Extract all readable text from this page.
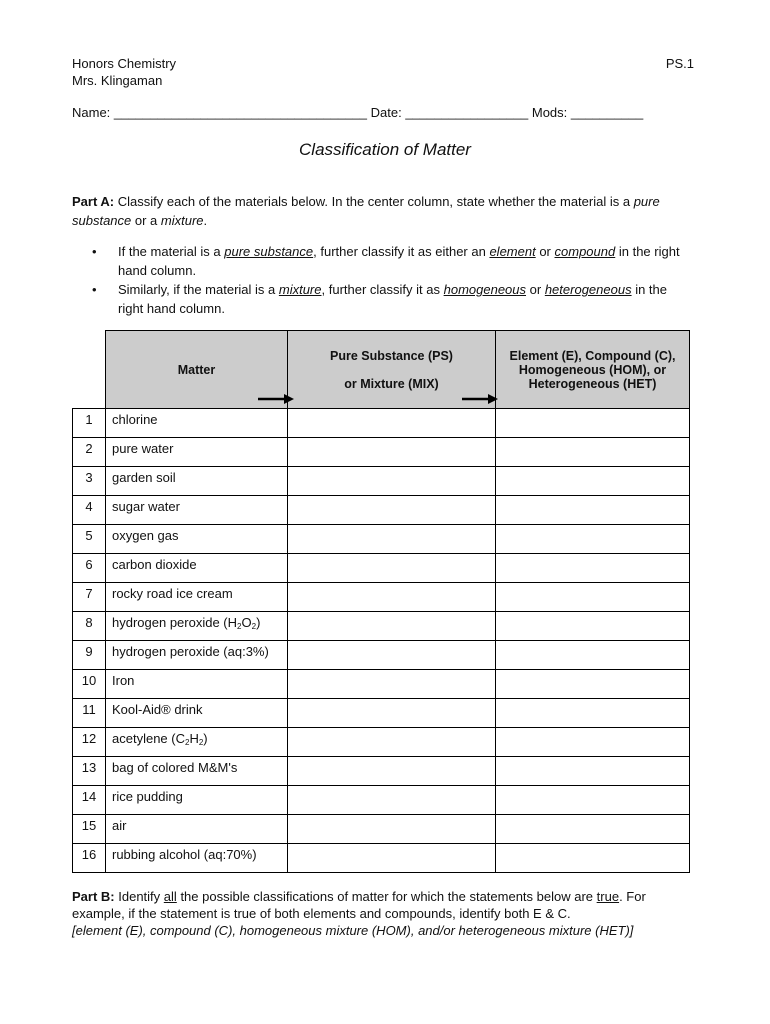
Honors Chemistry
Mrs. Klingaman
PS.1
Name: ___________________________________ Date: _________________ Mods: __________
Classification of Matter
Part A: Classify each of the materials below. In the center column, state whether the material is a pure substance or a mixture.
• If the material is a pure substance, further classify it as either an element or compound in the right hand column.
• Similarly, if the material is a mixture, further classify it as homogeneous or heterogeneous in the right hand column.
	Matter	Pure Substance (PS)
or Mixture (MIX)	Element (E), Compound (C), Homogeneous (HOM), or Heterogeneous (HET)

1	chlorine		
2	pure water		
3	garden soil		
4	sugar water		
5	oxygen gas		
6	carbon dioxide		
7	rocky road ice cream		
8	hydrogen peroxide $(H_2O_2)$		
9	hydrogen peroxide (aq:3%)		
10	Iron		
11	Kool-Aid® drink		
12	acetylene $(C_2H_2)$		
13	bag of colored M&M's		
14	rice pudding		
15	air		
16	rubbing alcohol (aq:70%)		
Part B: Identify all the possible classifications of matter for which the statements below are true. For example, if the statement is true of both elements and compounds, identify both E & C.
[element (E), compound (C), homogeneous mixture (HOM), and/or heterogeneous mixture (HET)]
